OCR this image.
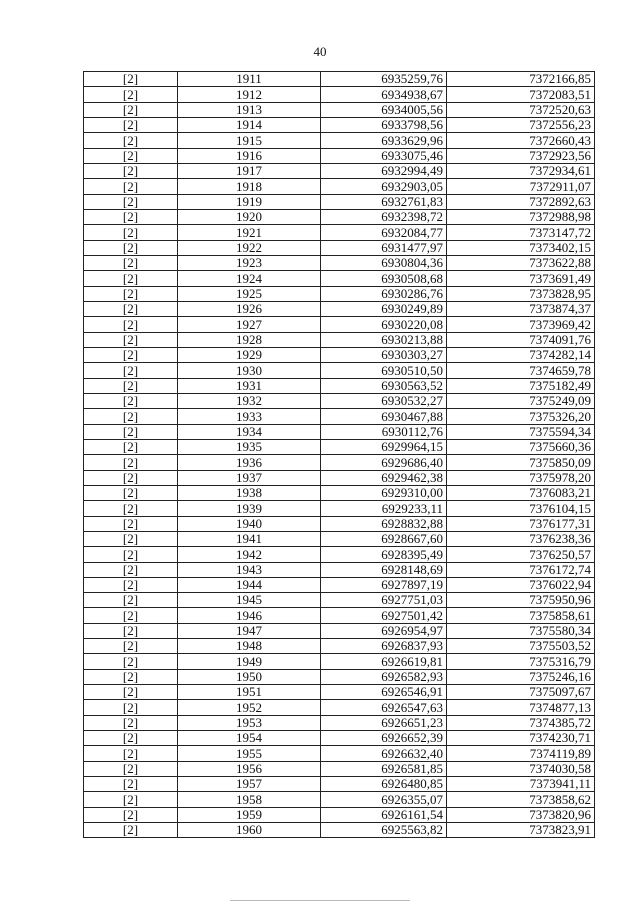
40
[2]	1911	6935259,76	7372166,85
[2]	1912	6934938,67	7372083,51
[2]	1913	6934005,56	7372520,63
[2]	1914	6933798,56	7372556,23
[2]	1915	6933629,96	7372660,43
[2]	1916	6933075,46	7372923,56
[2]	1917	6932994,49	7372934,61
[2]	1918	6932903,05	7372911,07
[2]	1919	6932761,83	7372892,63
[2]	1920	6932398,72	7372988,98
[2]	1921	6932084,77	7373147,72
[2]	1922	6931477,97	7373402,15
[2]	1923	6930804,36	7373622,88
[2]	1924	6930508,68	7373691,49
[2]	1925	6930286,76	7373828,95
[2]	1926	6930249,89	7373874,37
[2]	1927	6930220,08	7373969,42
[2]	1928	6930213,88	7374091,76
[2]	1929	6930303,27	7374282,14
[2]	1930	6930510,50	7374659,78
[2]	1931	6930563,52	7375182,49
[2]	1932	6930532,27	7375249,09
[2]	1933	6930467,88	7375326,20
[2]	1934	6930112,76	7375594,34
[2]	1935	6929964,15	7375660,36
[2]	1936	6929686,40	7375850,09
[2]	1937	6929462,38	7375978,20
[2]	1938	6929310,00	7376083,21
[2]	1939	6929233,11	7376104,15
[2]	1940	6928832,88	7376177,31
[2]	1941	6928667,60	7376238,36
[2]	1942	6928395,49	7376250,57
[2]	1943	6928148,69	7376172,74
[2]	1944	6927897,19	7376022,94
[2]	1945	6927751,03	7375950,96
[2]	1946	6927501,42	7375858,61
[2]	1947	6926954,97	7375580,34
[2]	1948	6926837,93	7375503,52
[2]	1949	6926619,81	7375316,79
[2]	1950	6926582,93	7375246,16
[2]	1951	6926546,91	7375097,67
[2]	1952	6926547,63	7374877,13
[2]	1953	6926651,23	7374385,72
[2]	1954	6926652,39	7374230,71
[2]	1955	6926632,40	7374119,89
[2]	1956	6926581,85	7374030,58
[2]	1957	6926480,85	7373941,11
[2]	1958	6926355,07	7373858,62
[2]	1959	6926161,54	7373820,96
[2]	1960	6925563,82	7373823,91
